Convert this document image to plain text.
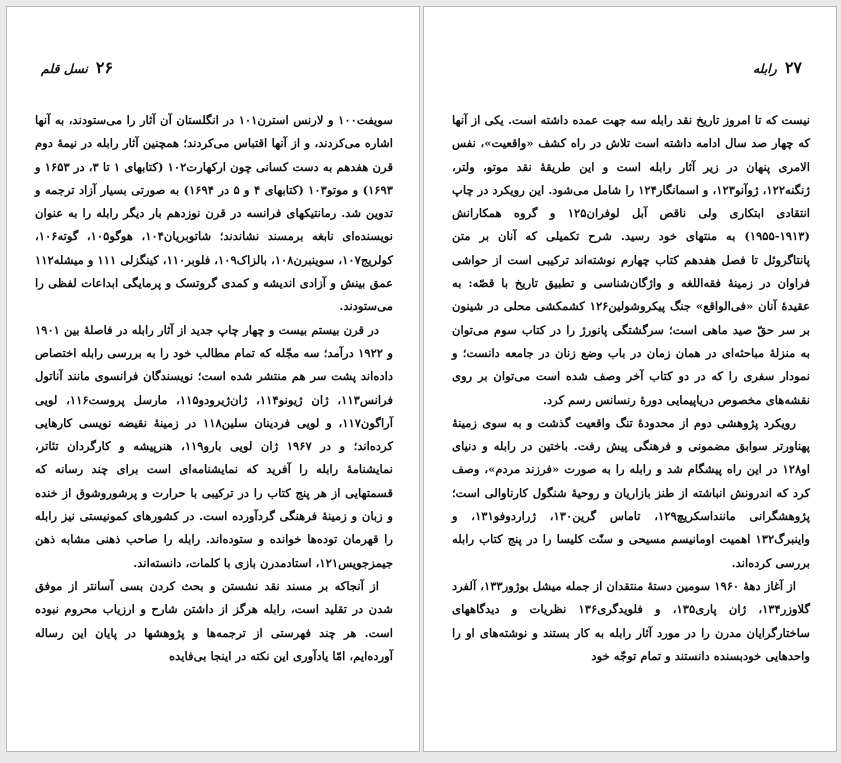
۲۶
نسل قلم

سویفت۱۰۰ و لارنس استرن۱۰۱ در انگلستان آن آثار را می‌ستودند، به آنها اشاره می‌کردند، و از آنها اقتباس می‌کردند؛ همچنین آثار رابله در نیمهٔ دوم قرن هفدهم به دست کسانی چون ارکهارت۱۰۲ (کتابهای ۱ تا ۳، در ۱۶۵۳ و ۱۶۹۳) و موتو۱۰۳ (کتابهای ۴ و ۵ در ۱۶۹۴) به صورتی بسیار آزاد ترجمه و تدوین شد. رمانتیکهای فرانسه در قرن نوزدهم بار دیگر رابله را به عنوان نویسنده‌ای نابغه برمسند نشاندند؛ شاتوبریان۱۰۴، هوگو۱۰۵، گوته۱۰۶، کولریج۱۰۷، سوینبرن۱۰۸، بالزاک۱۰۹، فلوبر۱۱۰، کینگزلی ۱۱۱ و میشله۱۱۲ عمق بینش و آزادی اندیشه و کمدی گروتسک و پرمایگی ابداعات لفظی را می‌ستودند.

در قرن بیستم بیست و چهار چاپ جدید از آثار رابله در فاصلهٔ بین ۱۹۰۱ و ۱۹۲۲ درآمد؛ سه مجّله که تمام مطالب خود را به بررسی رابله اختصاص داده‌اند پشت سر هم منتشر شده است؛ نویسندگان فرانسوی مانند آناتول فرانس۱۱۳، ژان ژیونو۱۱۴، ژان‌ژیرودو۱۱۵، مارسل پروست۱۱۶، لویی آراگون۱۱۷، و لویی فردینان سلین۱۱۸ در زمینهٔ نقیضه نویسی کارهایی کرده‌اند؛ و در ۱۹۶۷ ژان لویی بارو۱۱۹، هنرپیشه و کارگردان تئاتر، نمایشنامهٔ رابله را آفرید که نمایشنامه‌ای است برای چند رسانه که قسمتهایی از هر پنج کتاب را در ترکیبی با حرارت و پرشوروشوق از خنده و زبان و زمینهٔ فرهنگی گردآورده است. در کشورهای کمونیستی نیز رابله را قهرمان توده‌ها خوانده و ستوده‌اند. رابله را صاحب ذهنی مشابه ذهن جیمزجویس۱۲۱، استادمدرن بازی با کلمات، دانسته‌اند.

از آنجاکه بر مسند نقد نشستن و بحث کردن بسی آسانتر از موفق شدن در تقلید است، رابله هرگز از داشتن شارح و ارزیاب محروم نبوده است. هر چند فهرستی از ترجمه‌ها و پژوهشها در پایان این رساله آورده‌ایم، امّا یادآوری این نکته در اینجا بی‌فایده

۲۷
رابله

نیست که تا امروز تاریخ نقد رابله سه جهت عمده داشته است. یکی از آنها که چهار صد سال ادامه داشته است تلاش در راه کشف «واقعیت»، نفس الامری پنهان در زیر آثار رابله است و این طریقهٔ نقد موتو، ولتر، ژنگنه۱۲۲، ژوآنو۱۲۳، و اسمانگار۱۲۴ را شامل می‌شود. این رویکرد در چاپ انتقادی ابتکاری ولی ناقص آبل لوفران۱۲۵ و گروه همکارانش (۱۹۱۳-۱۹۵۵) به منتهای خود رسید. شرح تکمیلی که آنان بر متن پانتاگروئل تا فصل هفدهم کتاب چهارم نوشته‌اند ترکیبی است از حواشی فراوان در زمینهٔ فقه‌اللغه و واژگان‌شناسی و تطبیق تاریخ با قصّه: به عقیدهٔ آنان «فی‌الواقع» جنگ پیکروشولین۱۲۶ کشمکشی محلی در شینون بر سر حقّ صید ماهی است؛ سرگشتگی پانورژ را در کتاب سوم می‌توان به منزلهٔ مباحثه‌ای در همان زمان در باب وضع زنان در جامعه دانست؛ و نمودار سفری را که در دو کتاب آخر وصف شده است می‌توان بر روی نقشه‌های مخصوص دریاپیمایی دورهٔ رنسانس رسم کرد.

رویکرد پژوهشی دوم از محدودهٔ تنگ واقعیت گذشت و به سوی زمینهٔ پهناورتر سوابق مضمونی و فرهنگی پیش رفت. باختین در رابله و دنیای او۱۲۸ در این راه پیشگام شد و رابله را به صورت «فرزند مردم»، وصف کرد که اندرونش انباشته از طنز بازاریان و روحیهٔ شنگول کارناوالی است؛ پژوهشگرانی ماننداسکریچ۱۲۹، تاماس گرین۱۳۰، ژراردوفو۱۳۱، و واینبرگ۱۳۲ اهمیت اومانیسم مسیحی و سنّت کلیسا را در پنج کتاب رابله بررسی کرده‌اند.

از آغاز دههٔ ۱۹۶۰ سومین دستهٔ منتقدان از جمله میشل بوژور۱۳۳، آلفرد گلاوزر۱۳۴، ژان پاری۱۳۵، و فلویدگری۱۳۶ نظریات و دیدگاههای ساختارگرایان مدرن را در مورد آثار رابله به کار بستند و نوشته‌های او را واحدهایی خودبسنده دانستند و تمام توجّه خود
